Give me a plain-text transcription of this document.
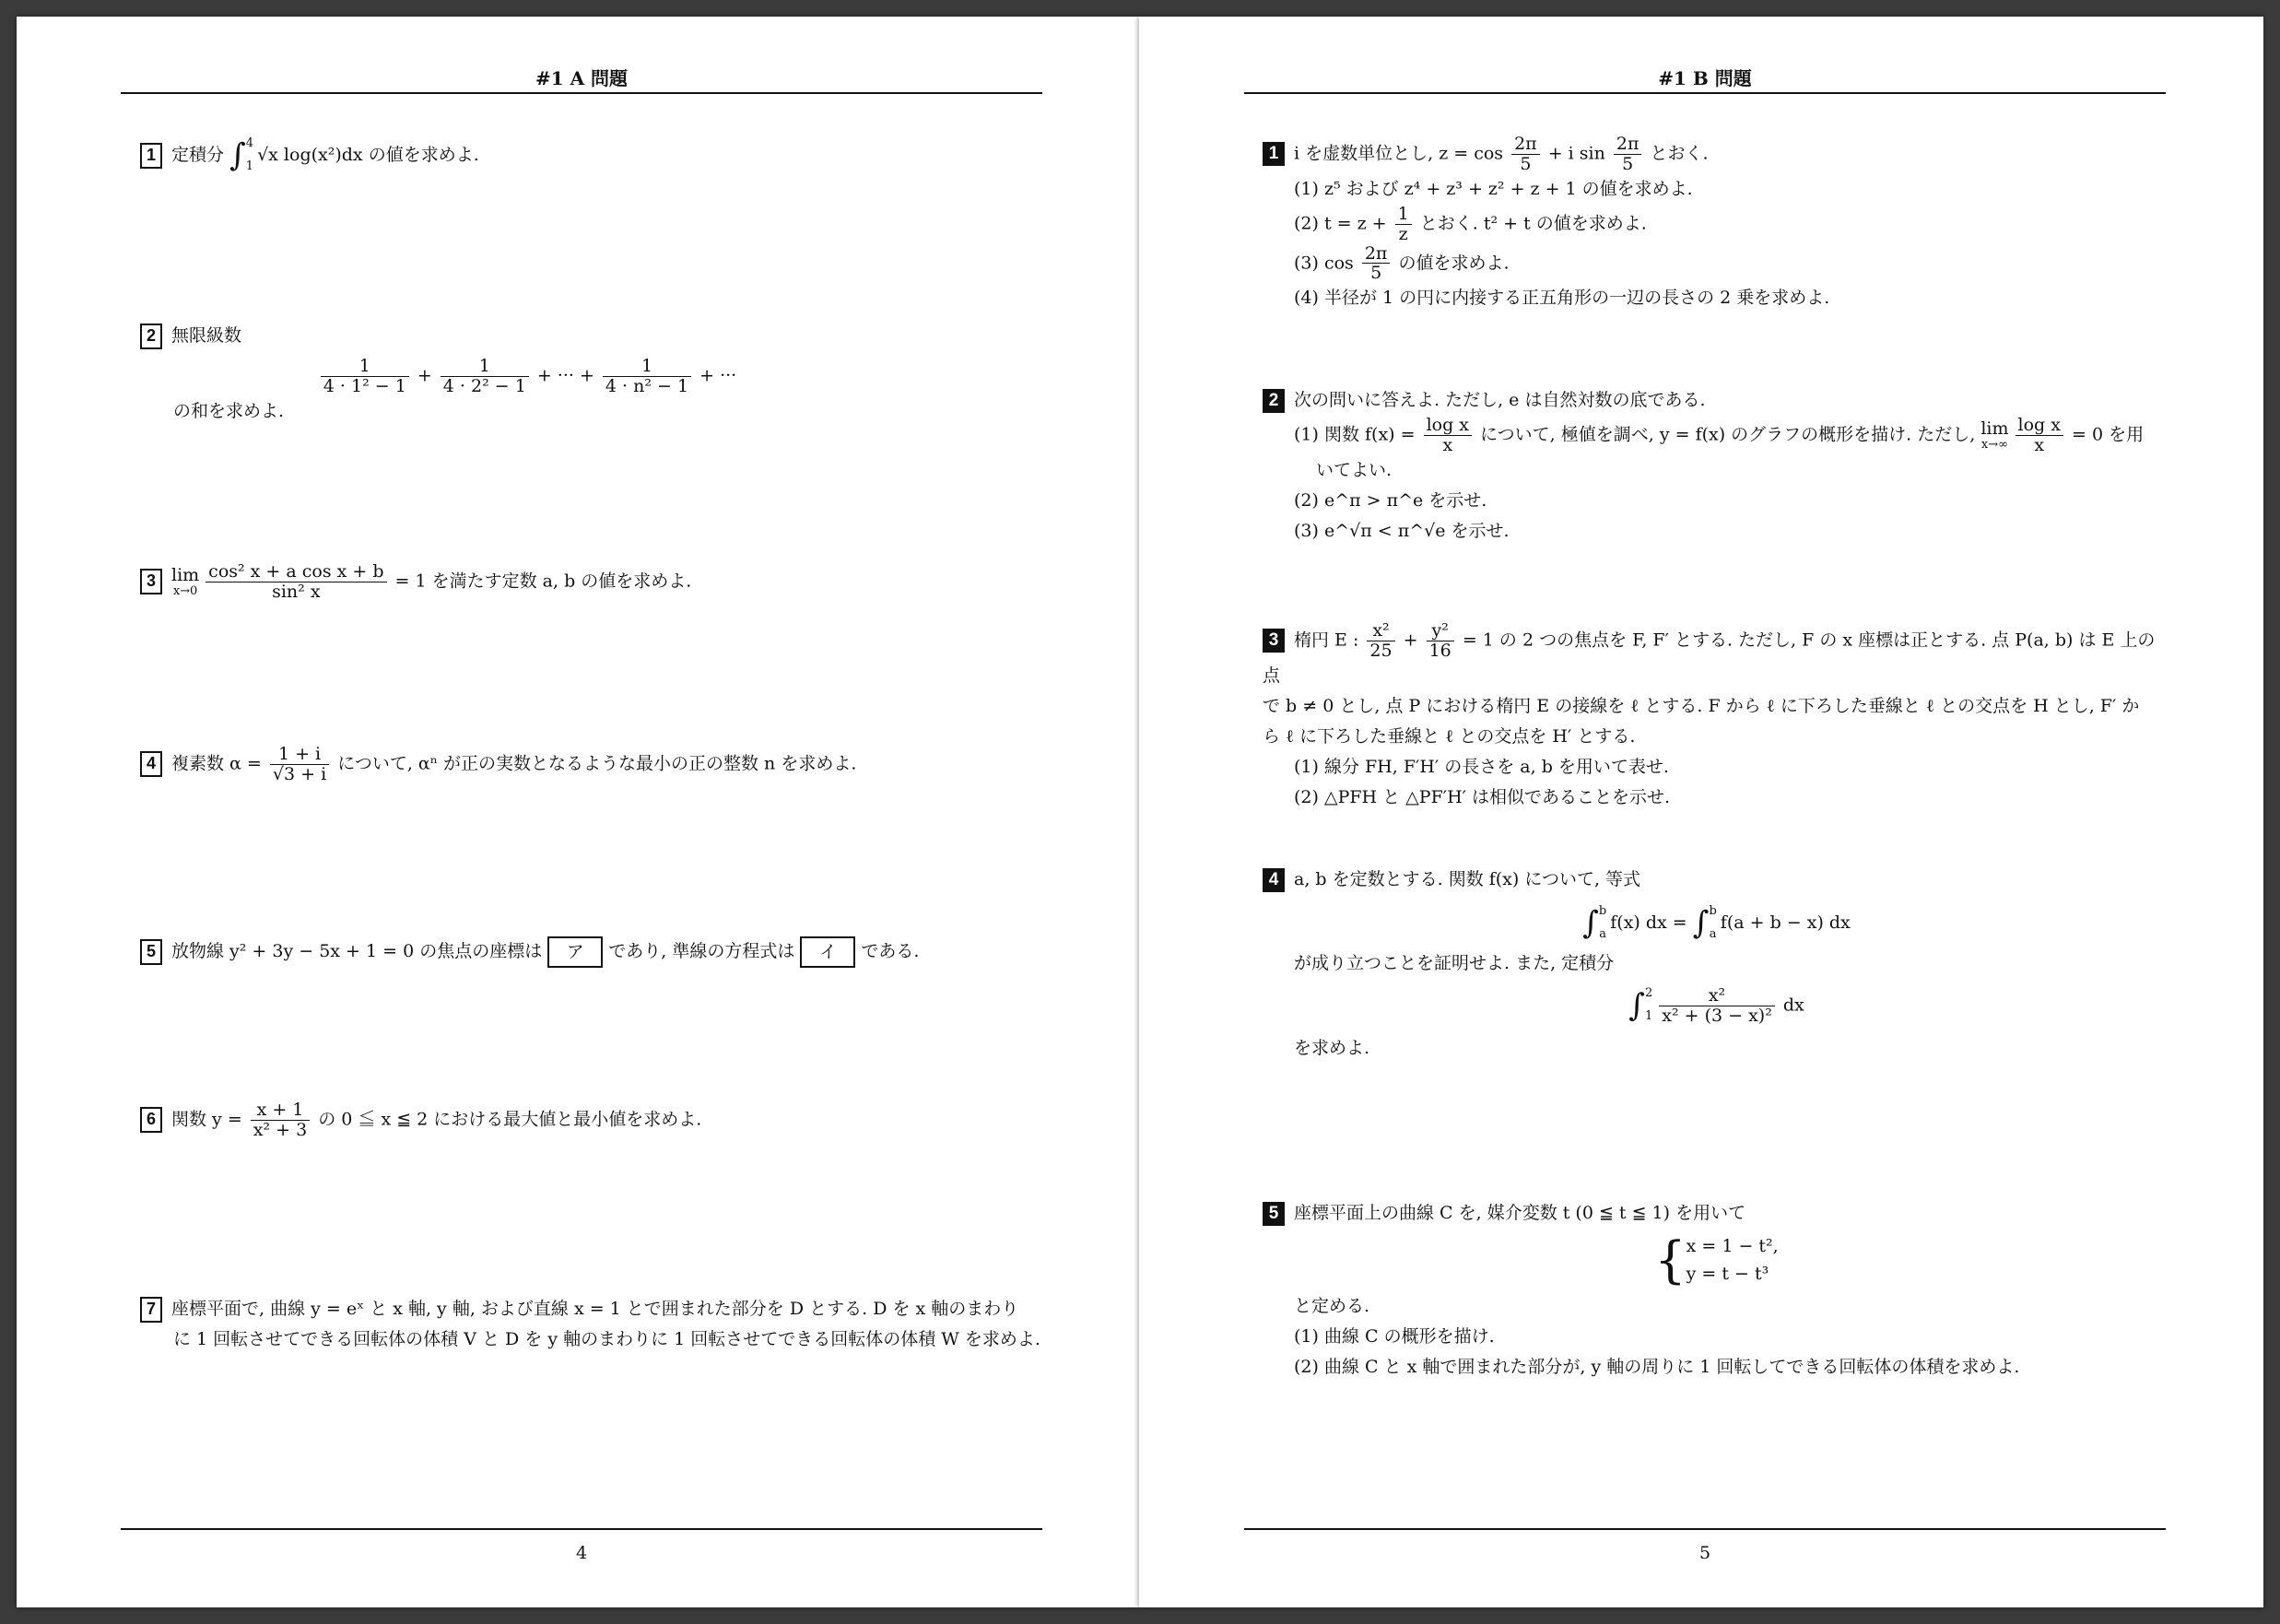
#1 A 問題
1 定積分 ∫ 4
1
√x log(x²)dx の値を求めよ.
2 無限級数
$\frac{1}{\text{4 · 1² − 1}} + \frac{1}{\text{4 · 2² − 1}}$ + ··· + $\frac{1}{\text{4 · n² − 1}}$ + ···
の和を求めよ.
3 lim
$x\to 0 \frac{\text{cos² x + a cos x + b}}{\text{sin² x}} = 1$ を満たす定数 a, b の値を求めよ.
4 複素数 $\alpha = \frac{1 + i}{√3 + i}$ について, αⁿ が正の実数となるような最小の正の整数 n を求めよ.
5 放物線 y² + 3y − 5x + 1 = 0 の焦点の座標は ア であり, 準線の方程式は イ である.
6 関数 $y = \frac{x + 1}{\text{x² + 3}}$ の 0 ≦ x ≦ 2 における最大値と最小値を求めよ.
7 座標平面で, 曲線 y = eˣ と x 軸, y 軸, および直線 x = 1 とで囲まれた部分を D とする. D を x 軸のまわり
に 1 回転させてできる回転体の体積 V と D を y 軸のまわりに 1 回転させてできる回転体の体積 W を求めよ.
4
#1 B 問題
1 i を虚数単位とし, $z = \cos \frac{2\pi}{5} + i$ $\sin \frac{2\pi}{5}$ とおく.
(1) z⁵ および z⁴ + z³ + z² + z + 1 の値を求めよ.
(2) $t = z + \frac{1}{z}$ とおく. t² + t の値を求めよ.
(3) $\cos \frac{2\pi}{5}$ の値を求めよ.
(4) 半径が 1 の円に内接する正五角形の一辺の長さの 2 乗を求めよ.
2 次の問いに答えよ. ただし, e は自然対数の底である.
(1) 関数 $f(x) = \frac{\text{log x}}{x}$ について, 極値を調べ, y = f(x) のグラフの概形を描け. ただし, lim
$x\to\infty \frac{\text{log x}}{x} = 0$ を用
いてよい.
(2) e^π > π^e を示せ.
(3) e^√π < π^√e を示せ.
3 楕円 E : $\frac{\text{x²}}{25} + \frac{\text{y²}}{16} = 1$ の 2 つの焦点を F, F′ とする. ただし, F の x 座標は正とする. 点 P(a, b) は E 上の点
で b ≠ 0 とし, 点 P における楕円 E の接線を ℓ とする. F から ℓ に下ろした垂線と ℓ との交点を H とし, F′ か
ら ℓ に下ろした垂線と ℓ との交点を H′ とする.
(1) 線分 FH, F′H′ の長さを a, b を用いて表せ.
(2) △PFH と △PF′H′ は相似であることを示せ.
4 a, b を定数とする. 関数 f(x) について, 等式
∫ b
a
f(x) dx = ∫ b
a
f(a + b − x) dx
が成り立つことを証明せよ. また, 定積分
∫ 2
$1 \frac{\text{x²}}{\text{x² + (3 − x)²}}$ dx
を求めよ.
5 座標平面上の曲線 C を, 媒介変数 t (0 ≦ t ≦ 1) を用いて
{ x = 1 − t²,
y = t − t³
と定める.
(1) 曲線 C の概形を描け.
(2) 曲線 C と x 軸で囲まれた部分が, y 軸の周りに 1 回転してできる回転体の体積を求めよ.
5
